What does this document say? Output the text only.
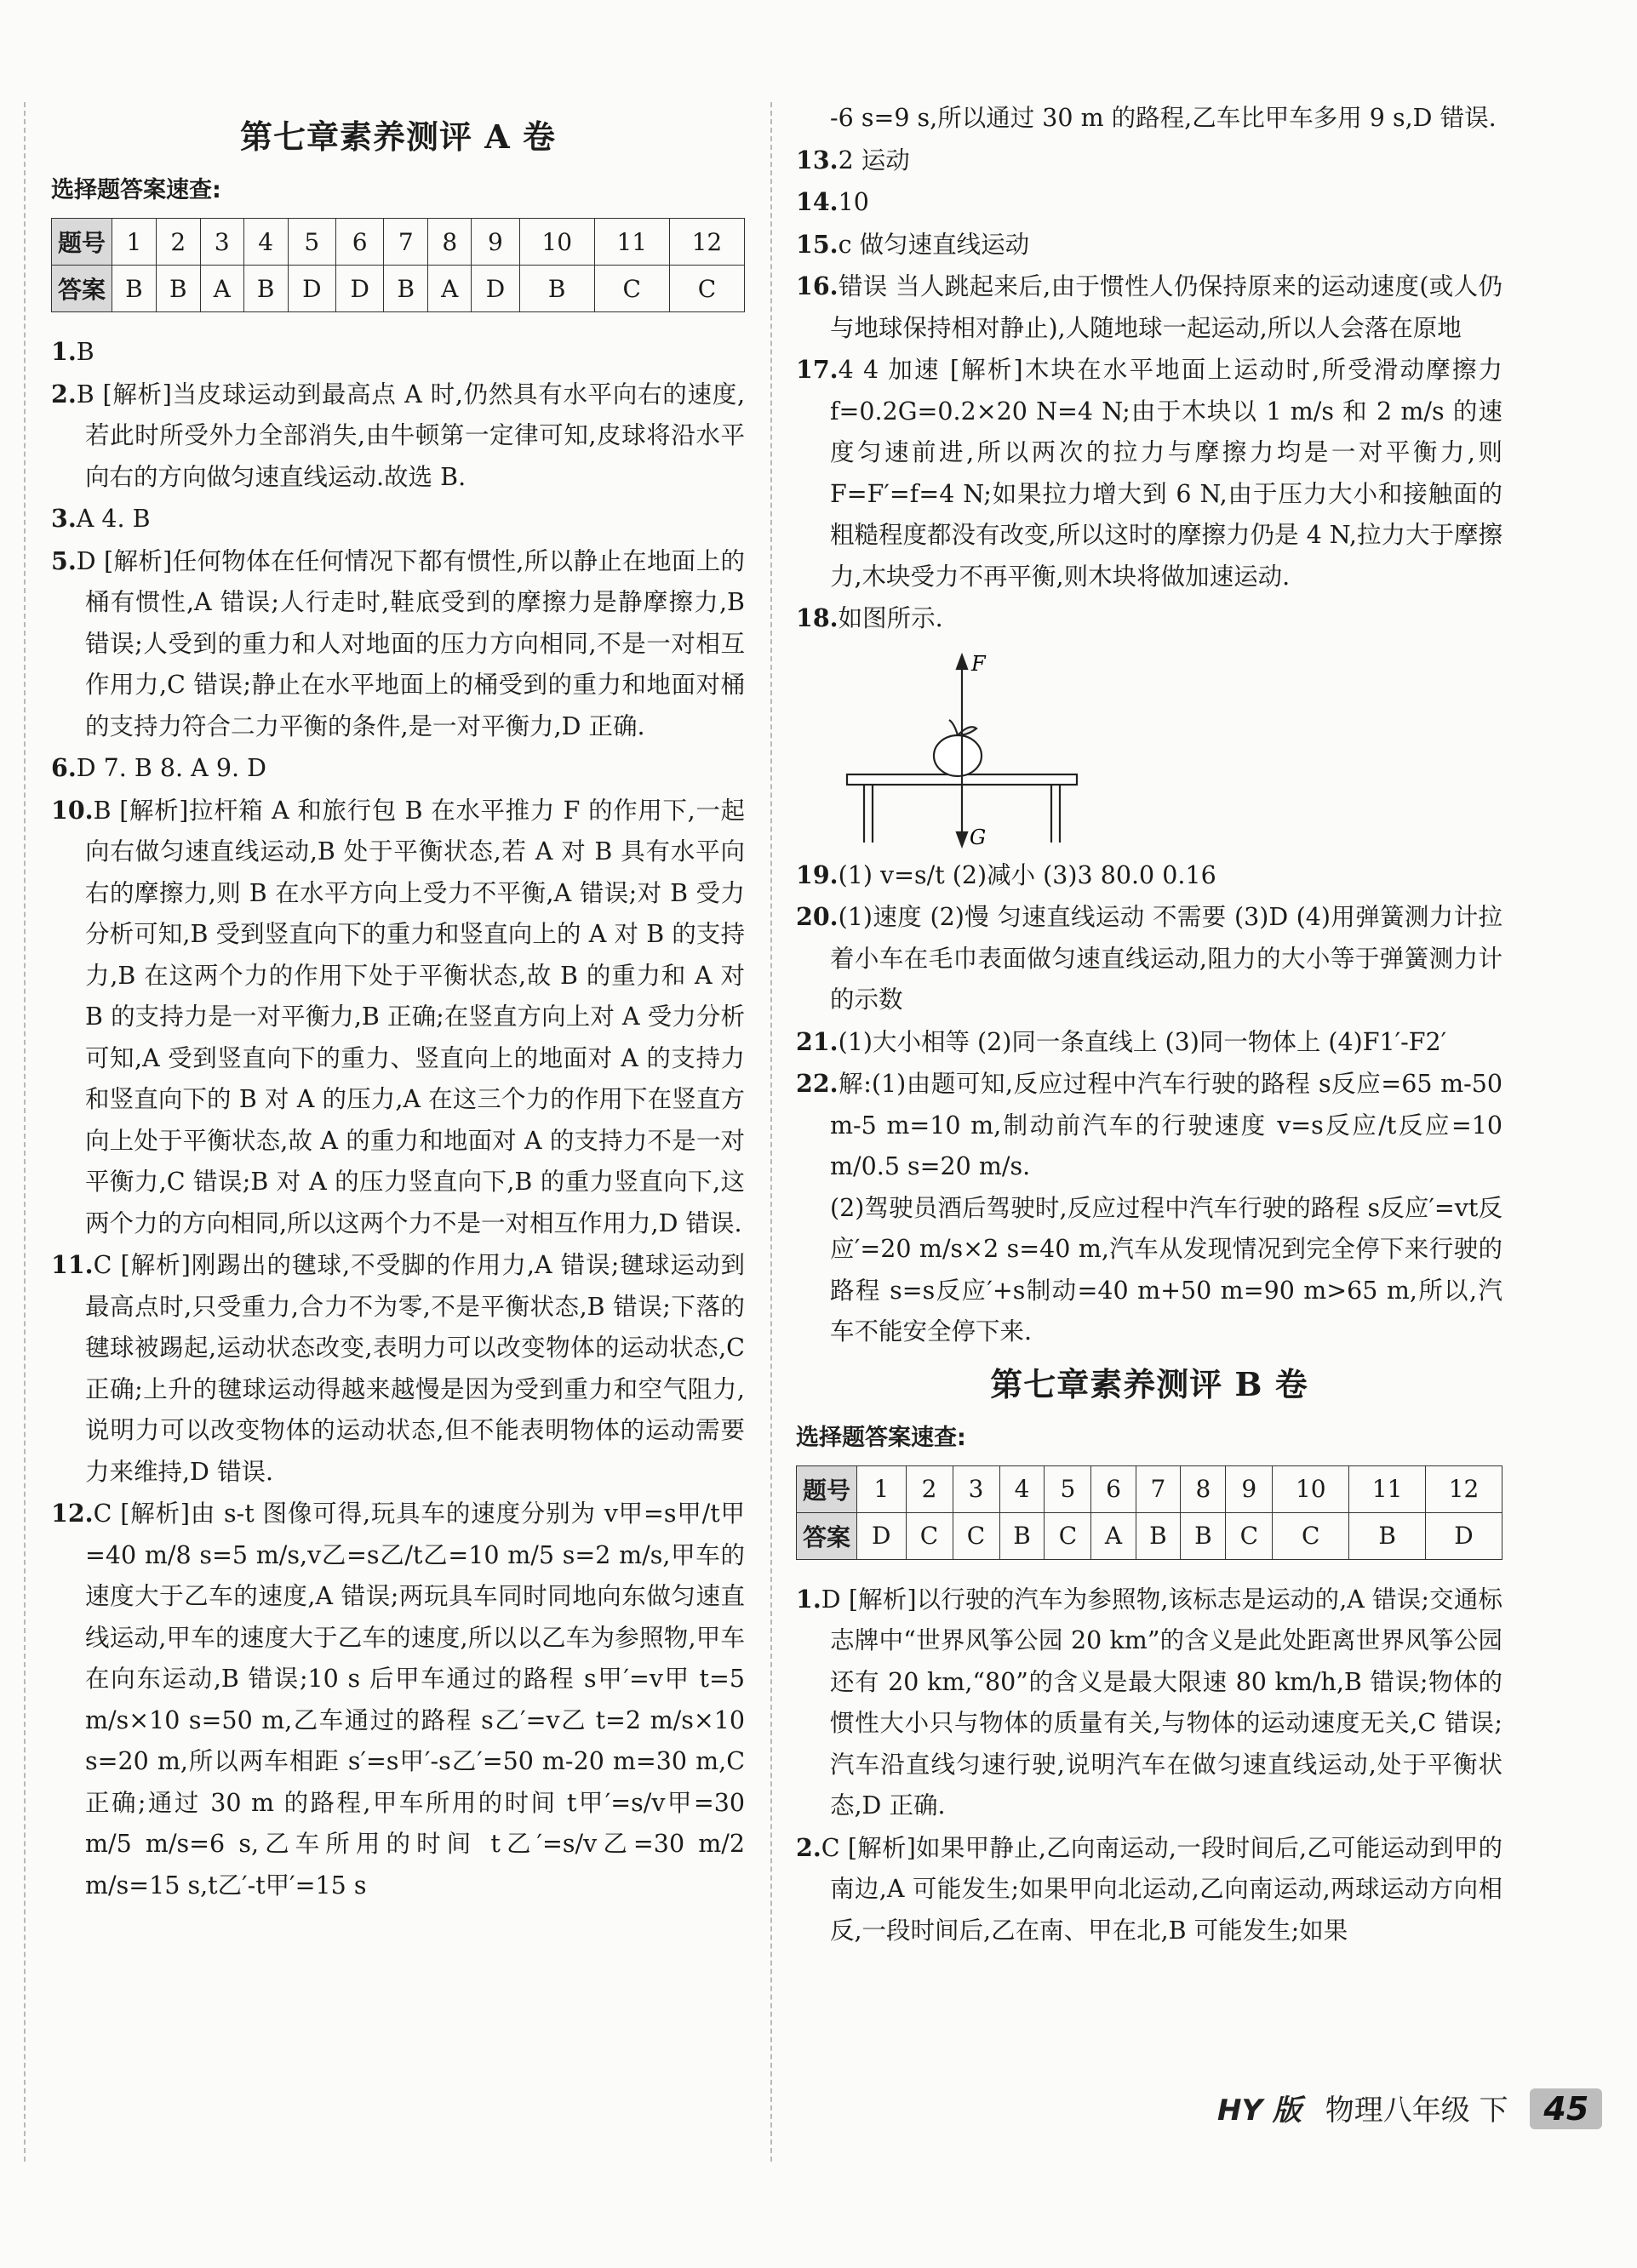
第七章素养测评 A 卷
选择题答案速查:
题号	1	2	3	4	5	6	7	8	9	10	11	12
答案	B	B	A	B	D	D	B	A	D	B	C	C

1.B

2.B [解析]当皮球运动到最高点 A 时,仍然具有水平向右的速度,若此时所受外力全部消失,由牛顿第一定律可知,皮球将沿水平向右的方向做匀速直线运动.故选 B.

3.A 4. B

5.D [解析]任何物体在任何情况下都有惯性,所以静止在地面上的桶有惯性,A 错误;人行走时,鞋底受到的摩擦力是静摩擦力,B 错误;人受到的重力和人对地面的压力方向相同,不是一对相互作用力,C 错误;静止在水平地面上的桶受到的重力和地面对桶的支持力符合二力平衡的条件,是一对平衡力,D 正确.

6.D 7. B 8. A 9. D

10.B [解析]拉杆箱 A 和旅行包 B 在水平推力 F 的作用下,一起向右做匀速直线运动,B 处于平衡状态,若 A 对 B 具有水平向右的摩擦力,则 B 在水平方向上受力不平衡,A 错误;对 B 受力分析可知,B 受到竖直向下的重力和竖直向上的 A 对 B 的支持力,B 在这两个力的作用下处于平衡状态,故 B 的重力和 A 对 B 的支持力是一对平衡力,B 正确;在竖直方向上对 A 受力分析可知,A 受到竖直向下的重力、竖直向上的地面对 A 的支持力和竖直向下的 B 对 A 的压力,A 在这三个力的作用下在竖直方向上处于平衡状态,故 A 的重力和地面对 A 的支持力不是一对平衡力,C 错误;B 对 A 的压力竖直向下,B 的重力竖直向下,这两个力的方向相同,所以这两个力不是一对相互作用力,D 错误.

11.C [解析]刚踢出的毽球,不受脚的作用力,A 错误;毽球运动到最高点时,只受重力,合力不为零,不是平衡状态,B 错误;下落的毽球被踢起,运动状态改变,表明力可以改变物体的运动状态,C 正确;上升的毽球运动得越来越慢是因为受到重力和空气阻力,说明力可以改变物体的运动状态,但不能表明物体的运动需要力来维持,D 错误.

12.C [解析]由 s-t 图像可得,玩具车的速度分别为 v甲=s甲/t甲=40 m/8 s=5 m/s,v乙=s乙/t乙=10 m/5 s=2 m/s,甲车的速度大于乙车的速度,A 错误;两玩具车同时同地向东做匀速直线运动,甲车的速度大于乙车的速度,所以以乙车为参照物,甲车在向东运动,B 错误;10 s 后甲车通过的路程 s甲′=v甲 t=5 m/s×10 s=50 m,乙车通过的路程 s乙′=v乙 t=2 m/s×10 s=20 m,所以两车相距 s′=s甲′-s乙′=50 m-20 m=30 m,C 正确;通过 30 m 的路程,甲车所用的时间 t甲′=s/v甲=30 m/5 m/s=6 s,乙车所用的时间 t乙′=s/v乙=30 m/2 m/s=15 s,t乙′-t甲′=15 s

-6 s=9 s,所以通过 30 m 的路程,乙车比甲车多用 9 s,D 错误.

13.2 运动

14.10

15.c 做匀速直线运动

16.错误 当人跳起来后,由于惯性人仍保持原来的运动速度(或人仍与地球保持相对静止),人随地球一起运动,所以人会落在原地

17.4 4 加速 [解析]木块在水平地面上运动时,所受滑动摩擦力 f=0.2G=0.2×20 N=4 N;由于木块以 1 m/s 和 2 m/s 的速度匀速前进,所以两次的拉力与摩擦力均是一对平衡力,则 F=F′=f=4 N;如果拉力增大到 6 N,由于压力大小和接触面的粗糙程度都没有改变,所以这时的摩擦力仍是 4 N,拉力大于摩擦力,木块受力不再平衡,则木块将做加速运动.

18.如图所示.

F
G

19.(1) v=s/t (2)减小 (3)3 80.0 0.16

20.(1)速度 (2)慢 匀速直线运动 不需要 (3)D (4)用弹簧测力计拉着小车在毛巾表面做匀速直线运动,阻力的大小等于弹簧测力计的示数

21.(1)大小相等 (2)同一条直线上 (3)同一物体上 (4)F1′-F2′

22.解:(1)由题可知,反应过程中汽车行驶的路程 s反应=65 m-50 m-5 m=10 m,制动前汽车的行驶速度 v=s反应/t反应=10 m/0.5 s=20 m/s.

(2)驾驶员酒后驾驶时,反应过程中汽车行驶的路程 s反应′=vt反应′=20 m/s×2 s=40 m,汽车从发现情况到完全停下来行驶的路程 s=s反应′+s制动=40 m+50 m=90 m>65 m,所以,汽车不能安全停下来.

第七章素养测评 B 卷
选择题答案速查:
题号	1	2	3	4	5	6	7	8	9	10	11	12
答案	D	C	C	B	C	A	B	B	C	C	B	D

1.D [解析]以行驶的汽车为参照物,该标志是运动的,A 错误;交通标志牌中“世界风筝公园 20 km”的含义是此处距离世界风筝公园还有 20 km,“80”的含义是最大限速 80 km/h,B 错误;物体的惯性大小只与物体的质量有关,与物体的运动速度无关,C 错误;汽车沿直线匀速行驶,说明汽车在做匀速直线运动,处于平衡状态,D 正确.

2.C [解析]如果甲静止,乙向南运动,一段时间后,乙可能运动到甲的南边,A 可能发生;如果甲向北运动,乙向南运动,两球运动方向相反,一段时间后,乙在南、甲在北,B 可能发生;如果

HY 版 物理八年级 下 45
